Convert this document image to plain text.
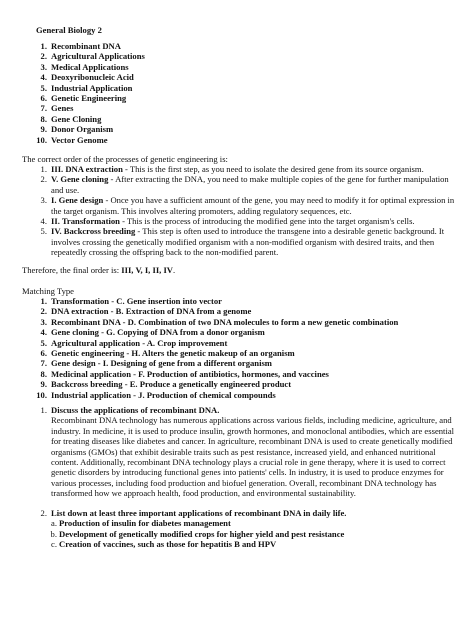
General Biology 2
1. Recombinant DNA
2. Agricultural Applications
3. Medical Applications
4. Deoxyribonucleic Acid
5. Industrial Application
6. Genetic Engineering
7. Genes
8. Gene Cloning
9. Donor Organism
10. Vector Genome
The correct order of the processes of genetic engineering is:
1. III. DNA extraction - This is the first step, as you need to isolate the desired gene from its source organism.
2. V. Gene cloning - After extracting the DNA, you need to make multiple copies of the gene for further manipulation and use.
3. I. Gene design - Once you have a sufficient amount of the gene, you may need to modify it for optimal expression in the target organism. This involves altering promoters, adding regulatory sequences, etc.
4. II. Transformation - This is the process of introducing the modified gene into the target organism's cells.
5. IV. Backcross breeding - This step is often used to introduce the transgene into a desirable genetic background. It involves crossing the genetically modified organism with a non-modified organism with desired traits, and then repeatedly crossing the offspring back to the non-modified parent.
Therefore, the final order is: III, V, I, II, IV.
Matching Type
1. Transformation - C. Gene insertion into vector
2. DNA extraction - B. Extraction of DNA from a genome
3. Recombinant DNA - D. Combination of two DNA molecules to form a new genetic combination
4. Gene cloning - G. Copying of DNA from a donor organism
5. Agricultural application - A. Crop improvement
6. Genetic engineering - H. Alters the genetic makeup of an organism
7. Gene design - I. Designing of gene from a different organism
8. Medicinal application - F. Production of antibiotics, hormones, and vaccines
9. Backcross breeding - E. Produce a genetically engineered product
10. Industrial application - J. Production of chemical compounds
1. Discuss the applications of recombinant DNA.
Recombinant DNA technology has numerous applications across various fields, including medicine, agriculture, and industry. In medicine, it is used to produce insulin, growth hormones, and monoclonal antibodies, which are essential for treating diseases like diabetes and cancer. In agriculture, recombinant DNA is used to create genetically modified organisms (GMOs) that exhibit desirable traits such as pest resistance, increased yield, and enhanced nutritional content. Additionally, recombinant DNA technology plays a crucial role in gene therapy, where it is used to correct genetic disorders by introducing functional genes into patients' cells. In industry, it is used to produce enzymes for various processes, including food production and biofuel generation. Overall, recombinant DNA technology has transformed how we approach health, food production, and environmental sustainability.
2. List down at least three important applications of recombinant DNA in daily life.
a. Production of insulin for diabetes management
b. Development of genetically modified crops for higher yield and pest resistance
c. Creation of vaccines, such as those for hepatitis B and HPV
